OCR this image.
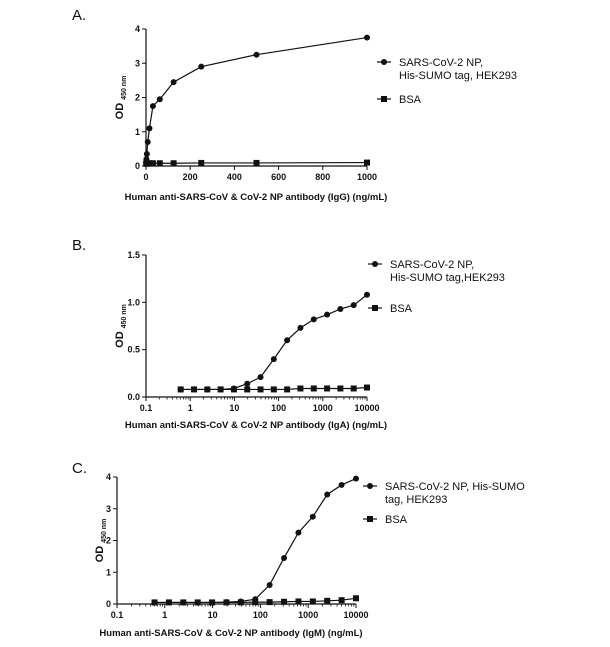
A.
0
1
2
3
4
0	200	400	600	800	1000
OD450 nm
Human anti-SARS-CoV & CoV-2 NP antibody (IgG) (ng/mL)
SARS-CoV-2 NP,
His-SUMO tag, HEK293
BSA
B.
0.0
0.5
1.0
1.5
0.1	1	10	100	1000 10000
OD450 nm
Human anti-SARS-CoV & CoV-2 NP antibody (IgA) (ng/mL)
SARS-CoV-2 NP,
His-SUMO tag,HEK293
BSA
C.
0
1
2
3
4
0.1	1	10	100	1000	10000
OD450 nm
Human anti-SARS-CoV & CoV-2 NP antibody (IgM) (ng/mL)
SARS-CoV-2 NP, His-SUMO
tag, HEK293
BSA
